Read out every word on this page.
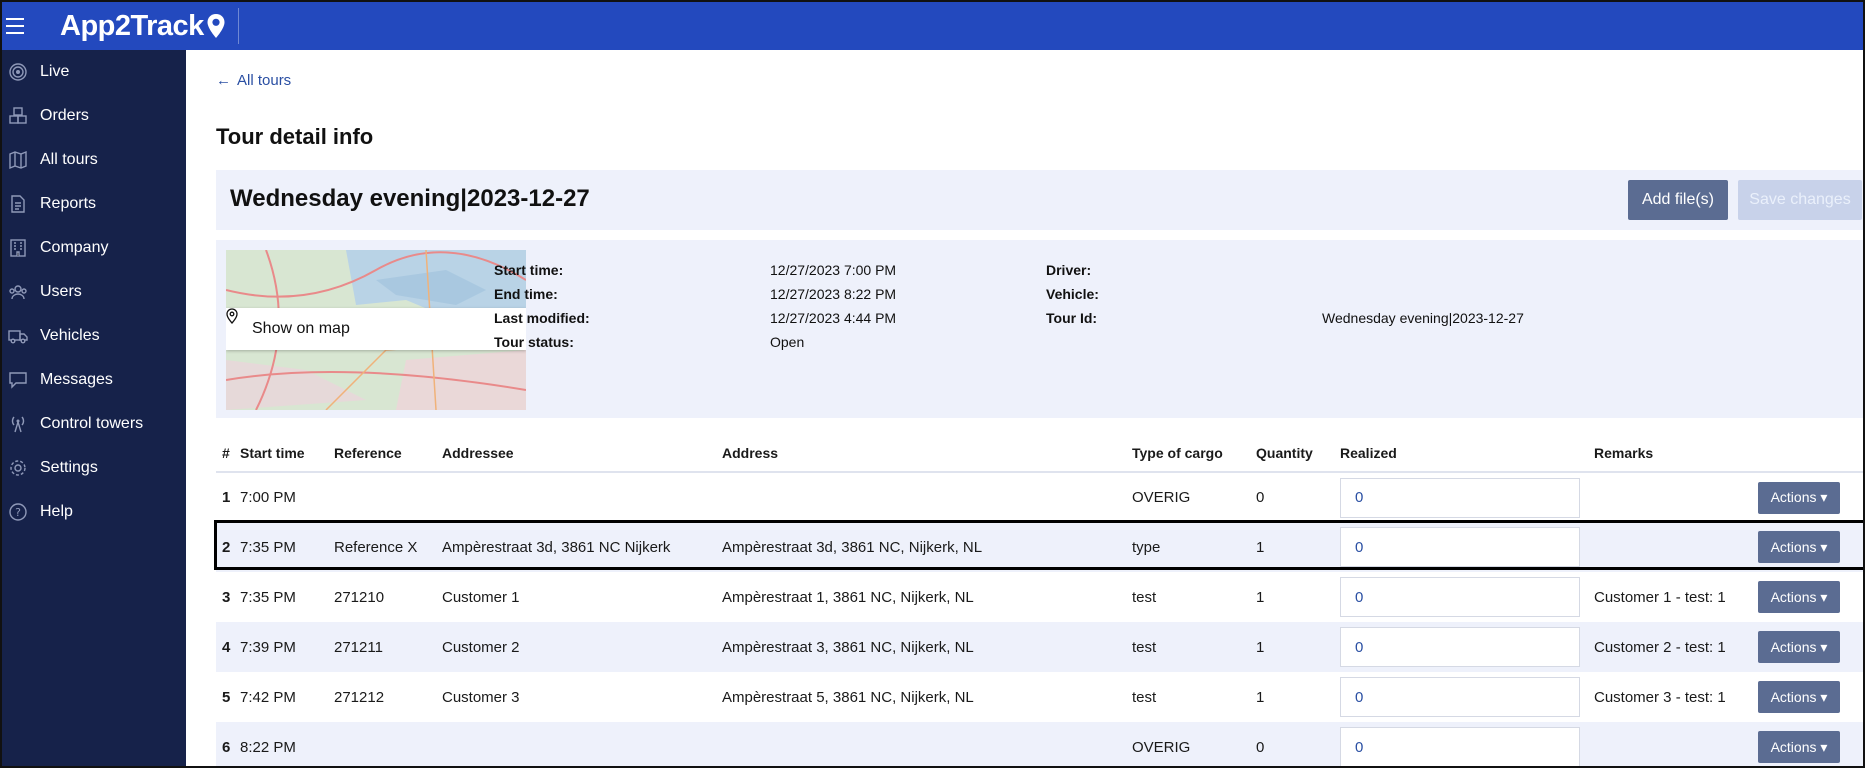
App2Track
Live
Orders
All tours
Reports
Company
Users
Vehicles
Messages
Control towers
Settings
? Help
← All tours
Tour detail info
Wednesday evening|2023-12-27	Add file(s)	Save changes
Show on map
Start time:	12/27/2023 7:00 PM
End time:	12/27/2023 8:22 PM
Last modified:	12/27/2023 4:44 PM
Tour status:	Open
Driver:
Vehicle:
Tour Id:	Wednesday evening|2023-12-27
#	Start time	Reference	Addressee	Address	Type of cargo	Quantity	Realized	Remarks	
1	7:00 PM				OVERIG	0	0		Actions ▾
2	7:35 PM	Reference X	Ampèrestraat 3d, 3861 NC Nijkerk	Ampèrestraat 3d, 3861 NC, Nijkerk, NL	type	1	0		Actions ▾
3	7:35 PM	271210	Customer 1	Ampèrestraat 1, 3861 NC, Nijkerk, NL	test	1	0	Customer 1 - test: 1	Actions ▾
4	7:39 PM	271211	Customer 2	Ampèrestraat 3, 3861 NC, Nijkerk, NL	test	1	0	Customer 2 - test: 1	Actions ▾
5	7:42 PM	271212	Customer 3	Ampèrestraat 5, 3861 NC, Nijkerk, NL	test	1	0	Customer 3 - test: 1	Actions ▾
6	8:22 PM				OVERIG	0	0		Actions ▾
